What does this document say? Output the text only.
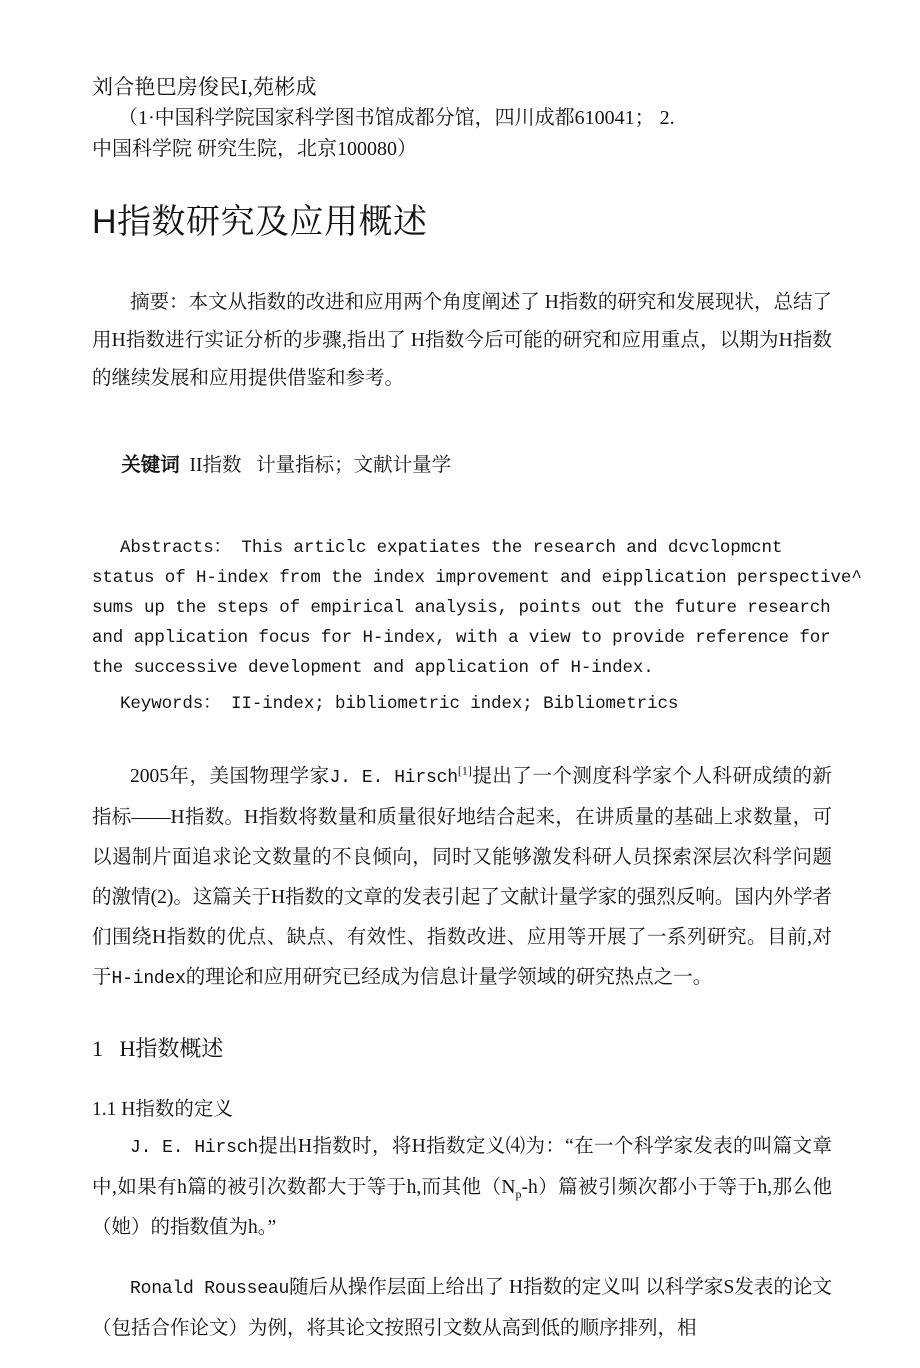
刘合艳巴房俊民I,苑彬成
（1·中国科学院国家科学图书馆成都分馆，四川成都610041； 2.
中国科学院 研究生院，北京100080）
H指数研究及应用概述

摘要：本文从指数的改进和应用两个角度阐述了 H指数的研究和发展现状，总结了用H指数进行实证分析的步骤,指出了 H指数今后可能的研究和应用重点，以期为H指数的继续发展和应用提供借鉴和参考。

关键词  II指数   计量指标；文献计量学

Abstracts： This articlc expatiates the research and dcvclopmcnt
status of H-index from the index improvement and eipplication perspective^
sums up the steps of empirical analysis, points out the future research
and application focus for H-index, with a view to provide reference for
the successive development and application of H-index.
Keywords： II-index; bibliometric index; Bibliometrics

2005年，美国物理学家J. E. Hirsch[1]提出了一个测度科学家个人科研成绩的新指标——H指数。H指数将数量和质量很好地结合起来，在讲质量的基础上求数量，可以遏制片面追求论文数量的不良倾向，同时又能够激发科研人员探索深层次科学问题的激情(2)。这篇关于H指数的文章的发表引起了文献计量学家的强烈反响。国内外学者们围绕H指数的优点、缺点、有效性、指数改进、应用等开展了一系列研究。目前,对于H-index的理论和应用研究已经成为信息计量学领域的研究热点之一。

1   H指数概述
1.1 H指数的定义

J. E. Hirsch提出H指数时，将H指数定义⑷为：“在一个科学家发表的叫篇文章中,如果有h篇的被引次数都大于等于h,而其他$(N_p-h)$篇被引频次都小于等于h,那么他（她）的指数值为h。”

Ronald Rousseau随后从操作层面上给出了 H指数的定义叫 以科学家S发表的论文（包括合作论文）为例，将其论文按照引文数从高到低的顺序排列，相
